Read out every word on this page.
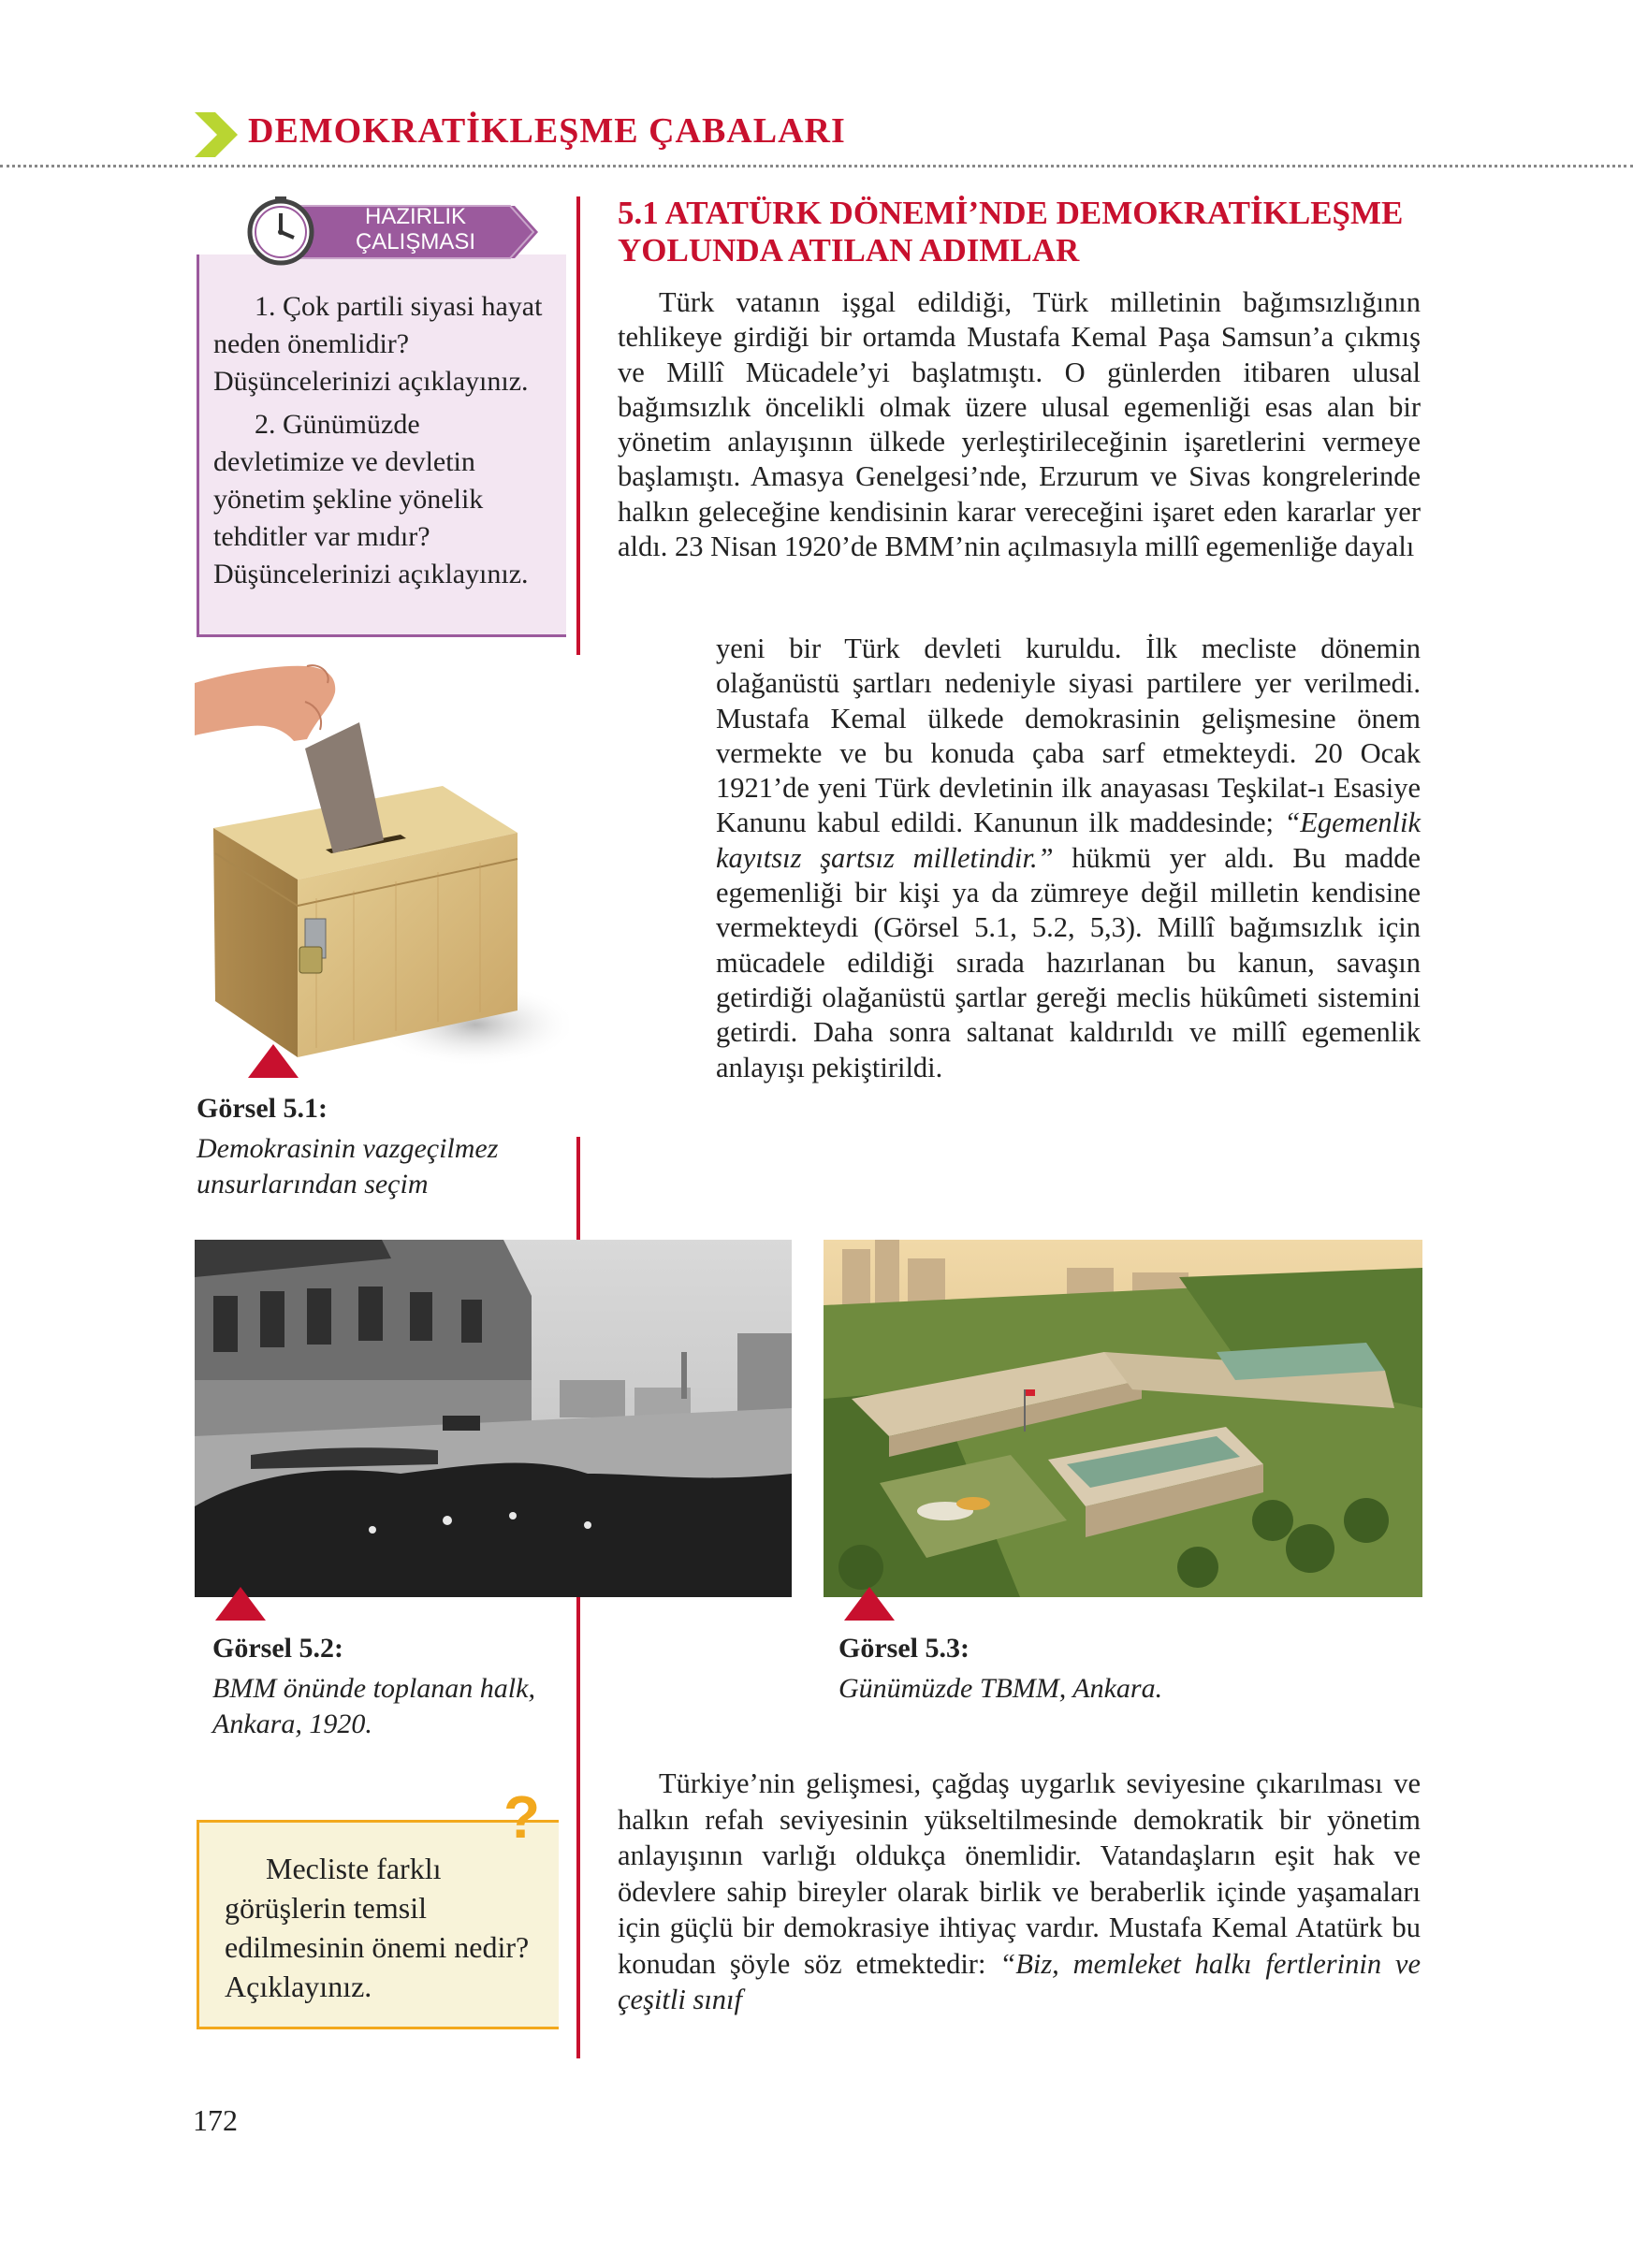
DEMOKRATİKLEŞME ÇABALARI
HAZIRLIK
ÇALIŞMASI

1. Çok partili siyasi hayat neden önemlidir? Düşüncelerinizi açıklayınız.

2. Günümüzde devletimize ve devletin yönetim şekline yönelik tehditler var mıdır? Düşüncelerinizi açıklayınız.

5.1 ATATÜRK DÖNEMİ’NDE DEMOKRATİKLEŞME YOLUNDA ATILAN ADIMLAR

Türk vatanın işgal edildiği, Türk milletinin bağımsızlığının tehlikeye girdiği bir ortamda Mustafa Kemal Paşa Samsun’a çıkmış ve Millî Mücadele’yi başlatmıştı. O günlerden itibaren ulusal bağımsızlık öncelikli olmak üzere ulusal egemenliği esas alan bir yönetim anlayışının ülkede yerleştirileceğinin işaretlerini vermeye başlamıştı. Amasya Genelgesi’nde, Erzurum ve Sivas kongrelerinde halkın geleceğine kendisinin karar vereceğini işaret eden kararlar yer aldı. 23 Nisan 1920’de BMM’nin açılmasıyla millî egemenliğe dayalı

yeni bir Türk devleti kuruldu. İlk mecliste dönemin olağanüstü şartları nedeniyle siyasi partilere yer verilmedi. Mustafa Kemal ülkede demokrasinin gelişmesine önem vermekte ve bu konuda çaba sarf etmekteydi. 20 Ocak 1921’de yeni Türk devletinin ilk anayasası Teşkilat-ı Esasiye Kanunu kabul edildi. Kanunun ilk maddesinde; “Egemenlik kayıtsız şartsız milletindir.” hükmü yer aldı. Bu madde egemenliği bir kişi ya da zümreye değil milletin kendisine vermekteydi (Görsel 5.1, 5.2, 5,3). Millî bağımsızlık için mücadele edildiği sırada hazırlanan bu kanun, savaşın getirdiği olağanüstü şartlar gereği meclis hükûmeti sistemini getirdi. Daha sonra saltanat kaldırıldı ve millî egemenlik anlayışı pekiştirildi.

Görsel 5.1:
Demokrasinin vazgeçilmez unsurlarından seçim
Görsel 5.2:
BMM önünde toplanan halk, Ankara, 1920.
Görsel 5.3:
Günümüzde TBMM, Ankara.

Türkiye’nin gelişmesi, çağdaş uygarlık seviyesine çıkarılması ve halkın refah seviyesinin yükseltilmesinde demokratik bir yönetim anlayışının varlığı oldukça önemlidir. Vatandaşların eşit hak ve ödevlere sahip bireyler olarak birlik ve beraberlik içinde yaşamaları için güçlü bir demokrasiye ihtiyaç vardır. Mustafa Kemal Atatürk bu konudan şöyle söz etmektedir: “Biz, memleket halkı fertlerinin ve çeşitli sınıf

?

Mecliste farklı görüşlerin temsil edilmesinin önemi nedir? Açıklayınız.

172
